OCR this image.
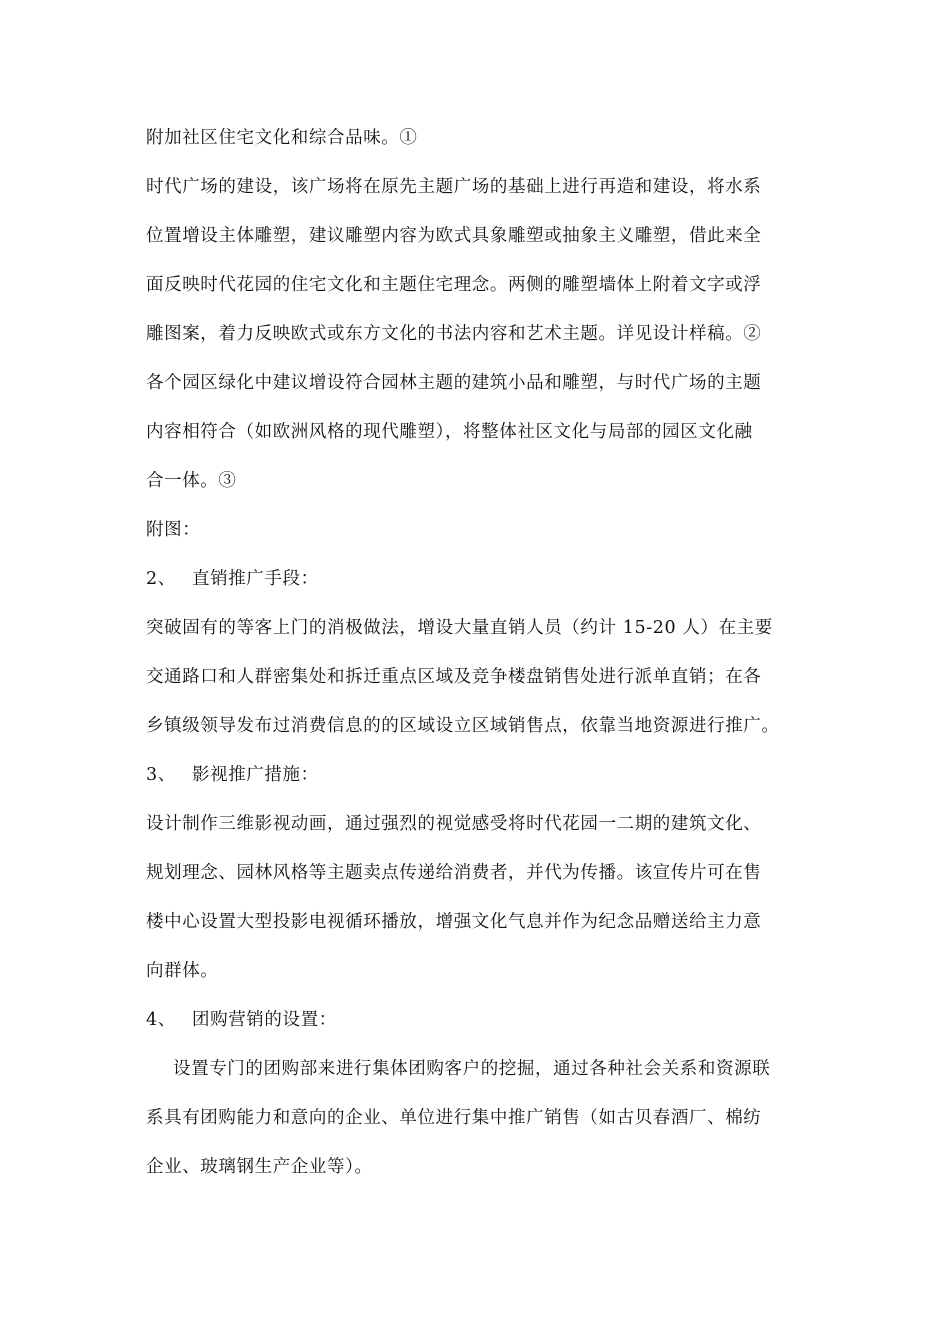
附加社区住宅文化和综合品味。①
时代广场的建设，该广场将在原先主题广场的基础上进行再造和建设，将水系
位置增设主体雕塑，建议雕塑内容为欧式具象雕塑或抽象主义雕塑，借此来全
面反映时代花园的住宅文化和主题住宅理念。两侧的雕塑墙体上附着文字或浮
雕图案，着力反映欧式或东方文化的书法内容和艺术主题。详见设计样稿。②
各个园区绿化中建议增设符合园林主题的建筑小品和雕塑，与时代广场的主题
内容相符合（如欧洲风格的现代雕塑），将整体社区文化与局部的园区文化融
合一体。③
附图：
2、 直销推广手段：
突破固有的等客上门的消极做法，增设大量直销人员（约计 15-20 人）在主要
交通路口和人群密集处和拆迁重点区域及竞争楼盘销售处进行派单直销；在各
乡镇级领导发布过消费信息的的区域设立区域销售点，依靠当地资源进行推广。
3、 影视推广措施：
设计制作三维影视动画，通过强烈的视觉感受将时代花园一二期的建筑文化、
规划理念、园林风格等主题卖点传递给消费者，并代为传播。该宣传片可在售
楼中心设置大型投影电视循环播放，增强文化气息并作为纪念品赠送给主力意
向群体。
4、 团购营销的设置：
设置专门的团购部来进行集体团购客户的挖掘，通过各种社会关系和资源联
系具有团购能力和意向的企业、单位进行集中推广销售（如古贝春酒厂、棉纺
企业、玻璃钢生产企业等）。
